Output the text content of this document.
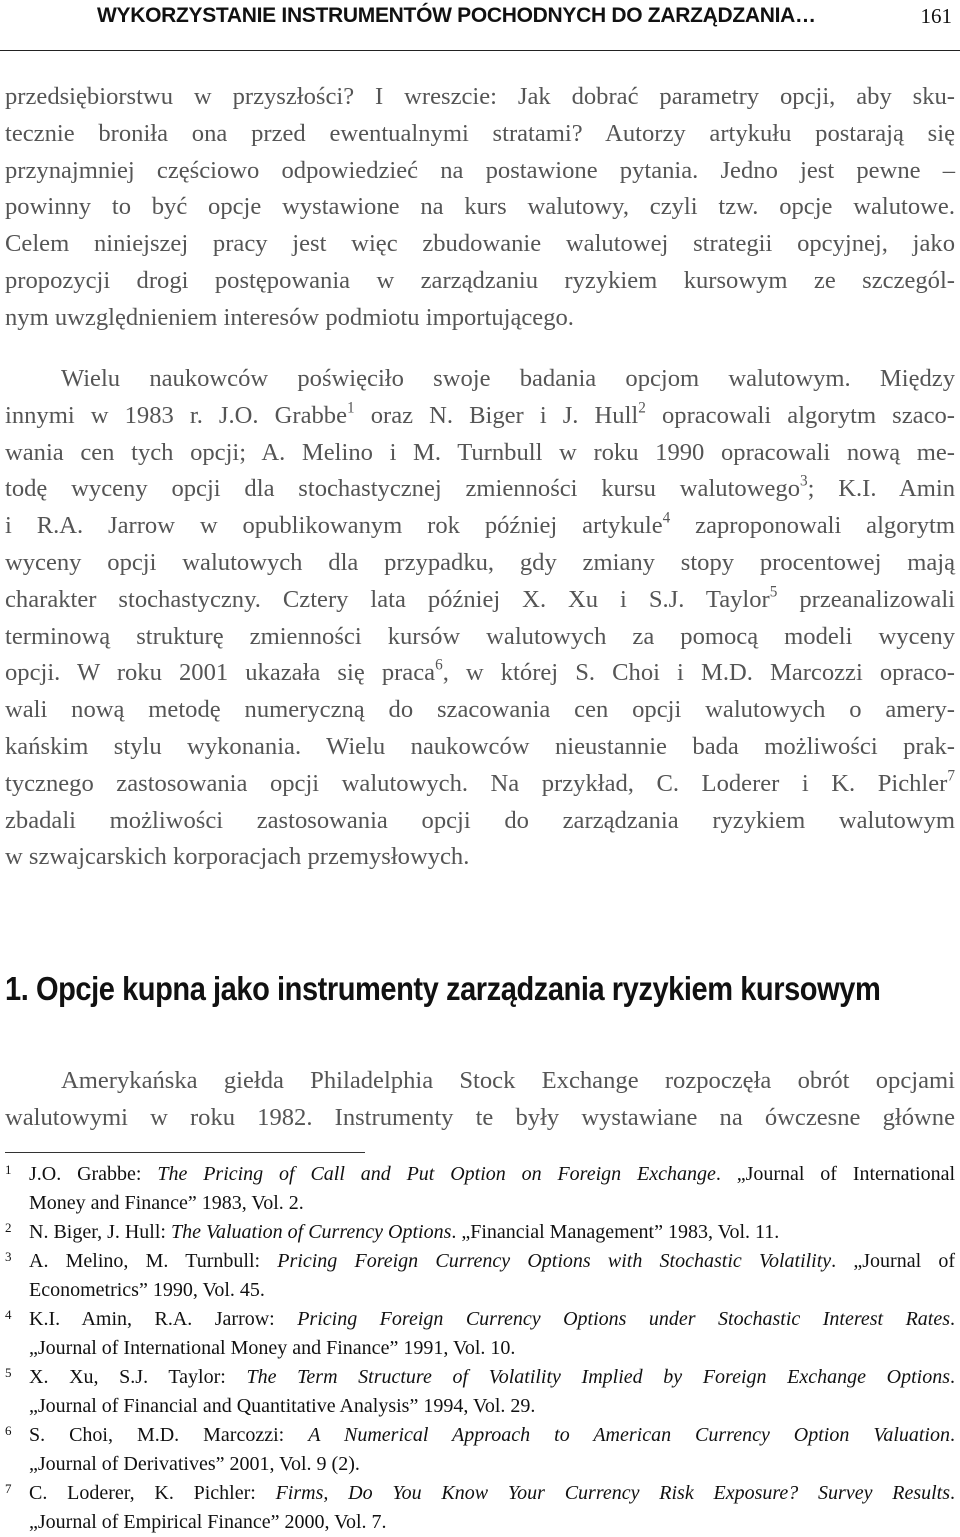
WYKORZYSTANIE INSTRUMENTÓW POCHODNYCH DO ZARZĄDZANIA…	161
przedsiębiorstwu w przyszłości? I wreszcie: Jak dobrać parametry opcji, aby sku-
tecznie broniła ona przed ewentualnymi stratami? Autorzy artykułu postarają się
przynajmniej częściowo odpowiedzieć na postawione pytania. Jedno jest pewne –
powinny to być opcje wystawione na kurs walutowy, czyli tzw. opcje walutowe.
Celem niniejszej pracy jest więc zbudowanie walutowej strategii opcyjnej, jako
propozycji drogi postępowania w zarządzaniu ryzykiem kursowym ze szczegól-
nym uwzględnieniem interesów podmiotu importującego.
Wielu naukowców poświęciło swoje badania opcjom walutowym. Między
innymi w 1983 r. J.O. Grabbe$^1$ oraz N. Biger i J. Hull$^2$ opracowali algorytm szaco-
wania cen tych opcji; A. Melino i M. Turnbull w roku 1990 opracowali nową me-
todę wyceny opcji dla stochastycznej zmienności kursu walutowego$^3$; K.I. Amin
i R.A. Jarrow w opublikowanym rok później artykule$^4$ zaproponowali algorytm
wyceny opcji walutowych dla przypadku, gdy zmiany stopy procentowej mają
charakter stochastyczny. Cztery lata później X. Xu i S.J. Taylor$^5$ przeanalizowali
terminową strukturę zmienności kursów walutowych za pomocą modeli wyceny
opcji. W roku 2001 ukazała się praca$^6$, w której S. Choi i M.D. Marcozzi opraco-
wali nową metodę numeryczną do szacowania cen opcji walutowych o amery-
kańskim stylu wykonania. Wielu naukowców nieustannie bada możliwości prak-
tycznego zastosowania opcji walutowych. Na przykład, C. Loderer i K. Pichler$^7$
zbadali możliwości zastosowania opcji do zarządzania ryzykiem walutowym
w szwajcarskich korporacjach przemysłowych.
1. Opcje kupna jako instrumenty zarządzania ryzykiem kursowym
Amerykańska giełda Philadelphia Stock Exchange rozpoczęła obrót opcjami
walutowymi w roku 1982. Instrumenty te były wystawiane na ówczesne główne
1 J.O. Grabbe: The Pricing of Call and Put Option on Foreign Exchange. „Journal of International
Money and Finance” 1983, Vol. 2.
2 N. Biger, J. Hull: The Valuation of Currency Options. „Financial Management” 1983, Vol. 11.
3 A. Melino, M. Turnbull: Pricing Foreign Currency Options with Stochastic Volatility. „Journal of
Econometrics” 1990, Vol. 45.
4 K.I. Amin, R.A. Jarrow: Pricing Foreign Currency Options under Stochastic Interest Rates.
„Journal of International Money and Finance” 1991, Vol. 10.
5 X. Xu, S.J. Taylor: The Term Structure of Volatility Implied by Foreign Exchange Options.
„Journal of Financial and Quantitative Analysis” 1994, Vol. 29.
6 S. Choi, M.D. Marcozzi: A Numerical Approach to American Currency Option Valuation.
„Journal of Derivatives” 2001, Vol. 9 (2).
7 C. Loderer, K. Pichler: Firms, Do You Know Your Currency Risk Exposure? Survey Results.
„Journal of Empirical Finance” 2000, Vol. 7.
